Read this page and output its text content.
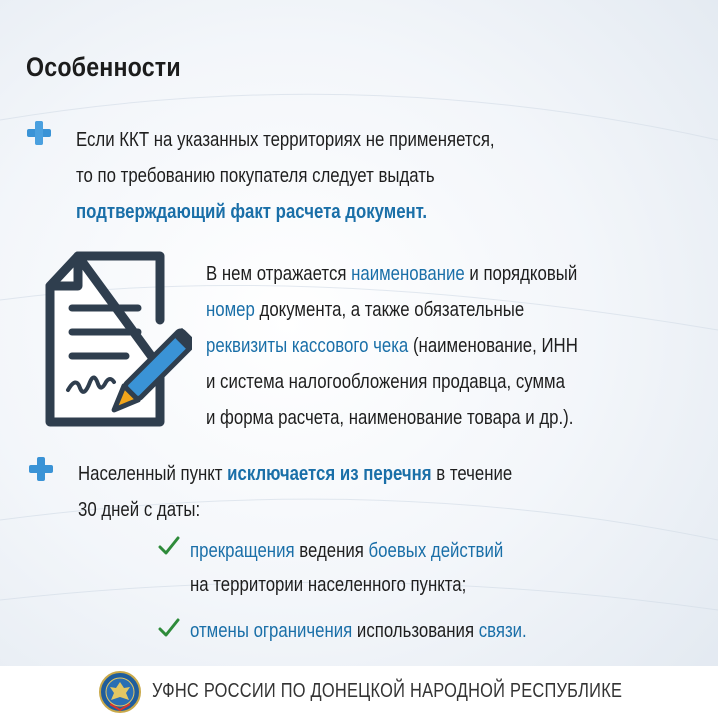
Особенности
Если ККТ на указанных территориях не применяется,
то по требованию покупателя следует выдать
подтверждающий факт расчета документ.
В нем отражается наименование и порядковый
номер документа, а также обязательные
реквизиты кассового чека (наименование, ИНН
и система налогообложения продавца, сумма
и форма расчета, наименование товара и др.).
Населенный пункт исключается из перечня в течение
30 дней с даты:
прекращения ведения боевых действий
на территории населенного пункта;
отмены ограничения использования связи.
УФНС РОССИИ ПО ДОНЕЦКОЙ НАРОДНОЙ РЕСПУБЛИКЕ
